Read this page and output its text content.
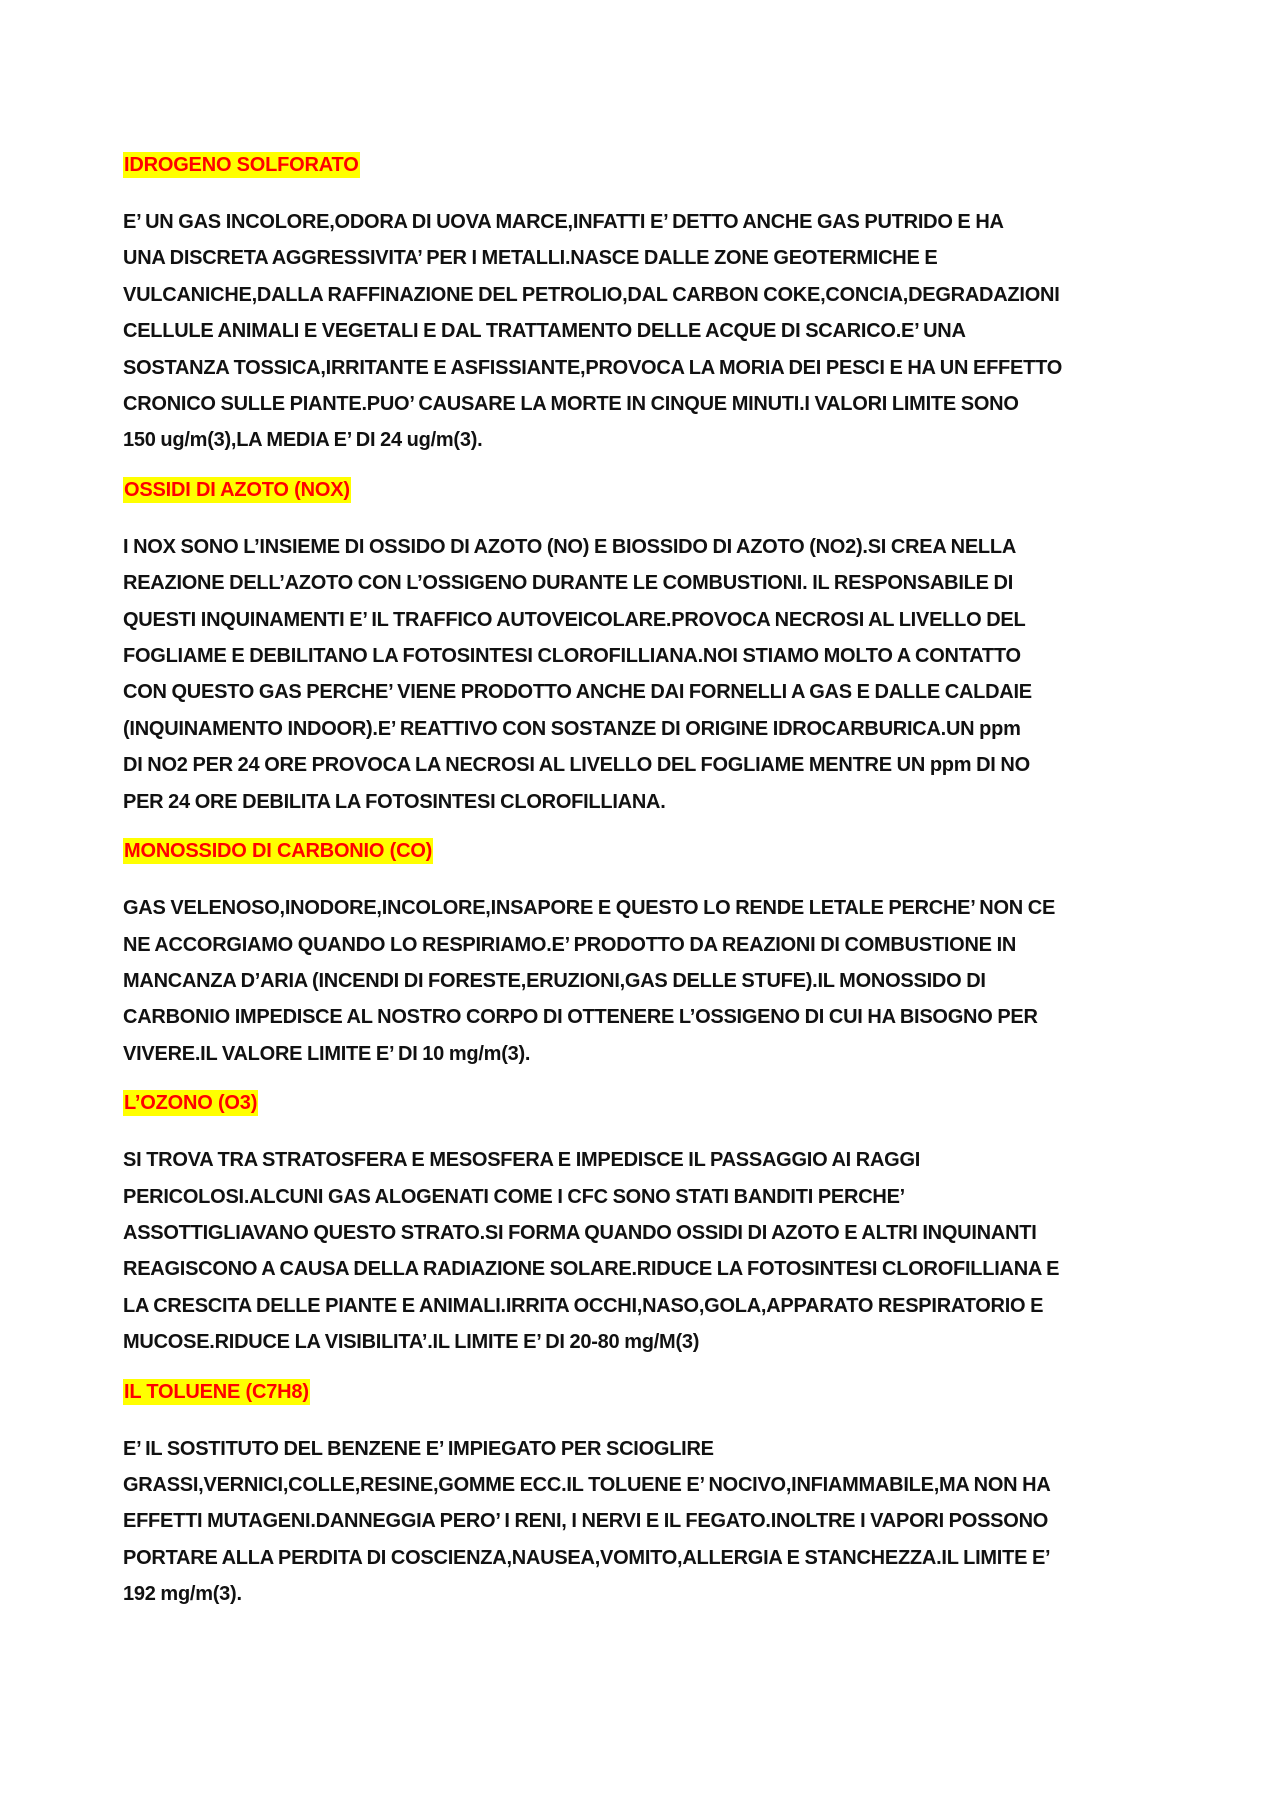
IDROGENO SOLFORATO

E’ UN GAS INCOLORE,ODORA DI UOVA MARCE,INFATTI E’ DETTO ANCHE GAS PUTRIDO E HA
UNA DISCRETA AGGRESSIVITA’ PER I METALLI.NASCE DALLE ZONE GEOTERMICHE E
VULCANICHE,DALLA RAFFINAZIONE DEL PETROLIO,DAL CARBON COKE,CONCIA,DEGRADAZIONI
CELLULE ANIMALI E VEGETALI E DAL TRATTAMENTO DELLE ACQUE DI SCARICO.E’ UNA
SOSTANZA TOSSICA,IRRITANTE E ASFISSIANTE,PROVOCA LA MORIA DEI PESCI E HA UN EFFETTO
CRONICO SULLE PIANTE.PUO’ CAUSARE LA MORTE IN CINQUE MINUTI.I VALORI LIMITE SONO
150 ug/m(3),LA MEDIA E’ DI 24 ug/m(3).

OSSIDI DI AZOTO (NOX)

I NOX SONO L’INSIEME DI OSSIDO DI AZOTO (NO) E BIOSSIDO DI AZOTO (NO2).SI CREA NELLA
REAZIONE DELL’AZOTO CON L’OSSIGENO DURANTE LE COMBUSTIONI. IL RESPONSABILE DI
QUESTI INQUINAMENTI E’ IL TRAFFICO AUTOVEICOLARE.PROVOCA NECROSI AL LIVELLO DEL
FOGLIAME E DEBILITANO LA FOTOSINTESI CLOROFILLIANA.NOI STIAMO MOLTO A CONTATTO
CON QUESTO GAS PERCHE’ VIENE PRODOTTO ANCHE DAI FORNELLI A GAS E DALLE CALDAIE
(INQUINAMENTO INDOOR).E’ REATTIVO CON SOSTANZE DI ORIGINE IDROCARBURICA.UN ppm
DI NO2 PER 24 ORE PROVOCA LA NECROSI AL LIVELLO DEL FOGLIAME MENTRE UN ppm DI NO
PER 24 ORE DEBILITA LA FOTOSINTESI CLOROFILLIANA.

MONOSSIDO DI CARBONIO (CO)

GAS VELENOSO,INODORE,INCOLORE,INSAPORE E QUESTO LO RENDE LETALE PERCHE’ NON CE
NE ACCORGIAMO QUANDO LO RESPIRIAMO.E’ PRODOTTO DA REAZIONI DI COMBUSTIONE IN
MANCANZA D’ARIA (INCENDI DI FORESTE,ERUZIONI,GAS DELLE STUFE).IL MONOSSIDO DI
CARBONIO IMPEDISCE AL NOSTRO CORPO DI OTTENERE L’OSSIGENO DI CUI HA BISOGNO PER
VIVERE.IL VALORE LIMITE E’ DI 10 mg/m(3).

L’OZONO (O3)

SI TROVA TRA STRATOSFERA E MESOSFERA E IMPEDISCE IL PASSAGGIO AI RAGGI
PERICOLOSI.ALCUNI GAS ALOGENATI COME I CFC SONO STATI BANDITI PERCHE’
ASSOTTIGLIAVANO QUESTO STRATO.SI FORMA QUANDO OSSIDI DI AZOTO E ALTRI INQUINANTI
REAGISCONO A CAUSA DELLA RADIAZIONE SOLARE.RIDUCE LA FOTOSINTESI CLOROFILLIANA E
LA CRESCITA DELLE PIANTE E ANIMALI.IRRITA OCCHI,NASO,GOLA,APPARATO RESPIRATORIO E
MUCOSE.RIDUCE LA VISIBILITA’.IL LIMITE E’ DI 20-80 mg/M(3)

IL TOLUENE (C7H8)

E’ IL SOSTITUTO DEL BENZENE E’ IMPIEGATO PER SCIOGLIRE
GRASSI,VERNICI,COLLE,RESINE,GOMME ECC.IL TOLUENE E’ NOCIVO,INFIAMMABILE,MA NON HA
EFFETTI MUTAGENI.DANNEGGIA PERO’ I RENI, I NERVI E IL FEGATO.INOLTRE I VAPORI POSSONO
PORTARE ALLA PERDITA DI COSCIENZA,NAUSEA,VOMITO,ALLERGIA E STANCHEZZA.IL LIMITE E’
192 mg/m(3).
